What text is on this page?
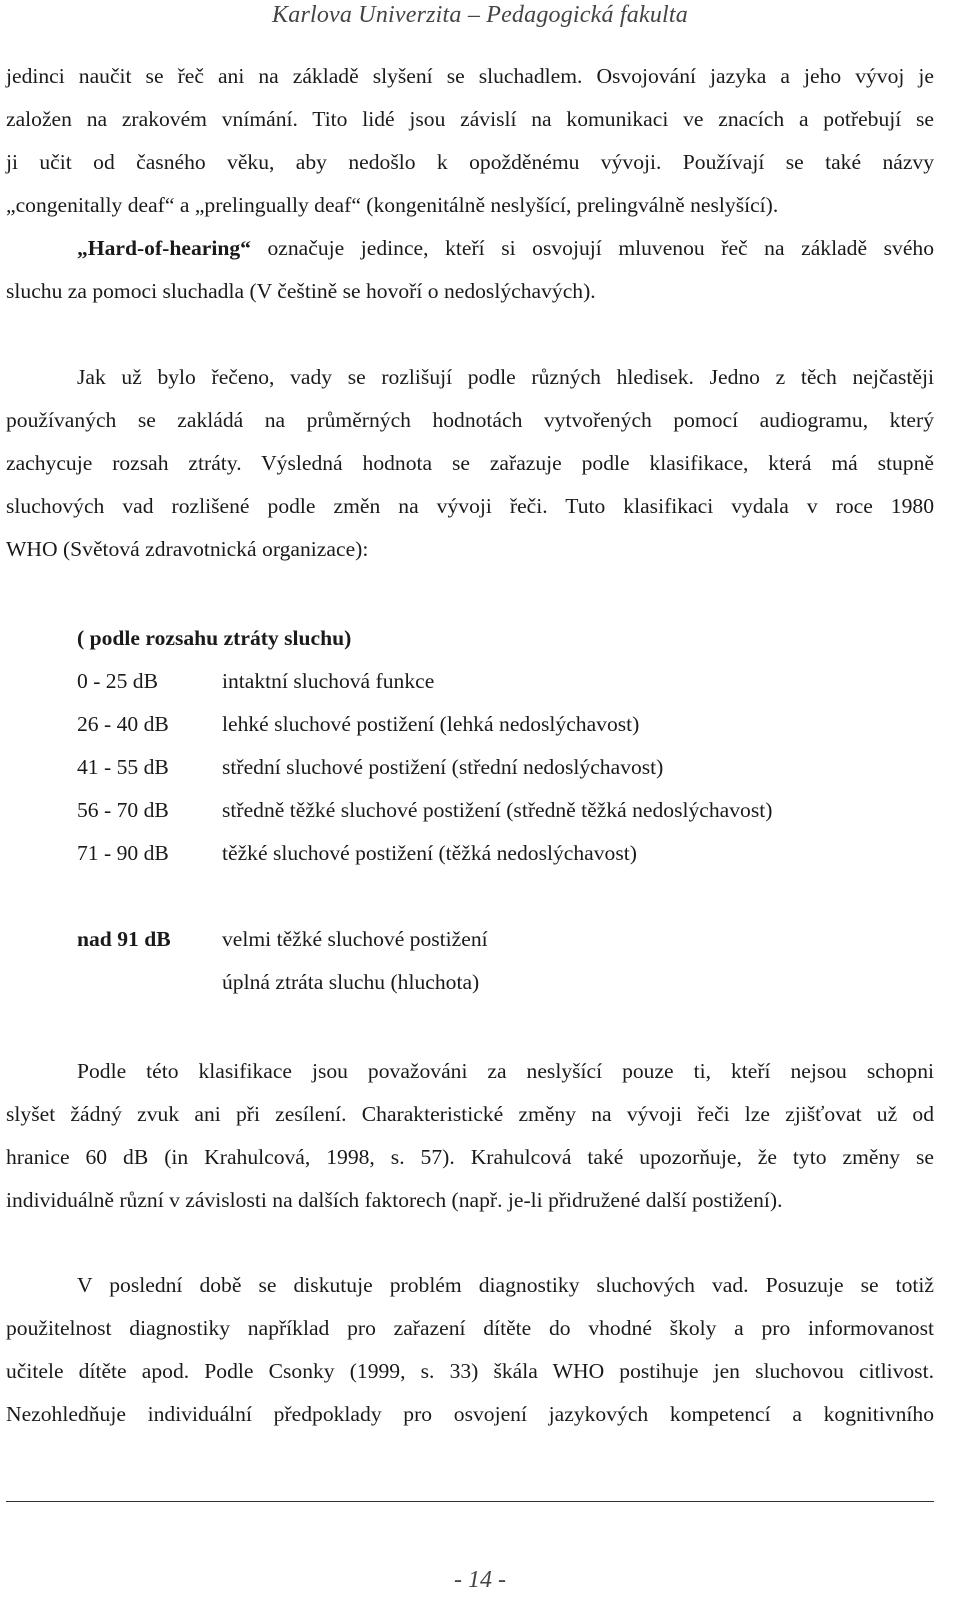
Karlova Univerzita – Pedagogická fakulta
jedinci naučit se řeč ani na základě slyšení se sluchadlem. Osvojování jazyka a jeho vývoj je
založen na zrakovém vnímání. Tito lidé jsou závislí na komunikaci ve znacích a potřebují se
ji učit od časného věku, aby nedošlo k opožděnému vývoji. Používají se také názvy
„congenitally deaf“ a „prelingually deaf“ (kongenitálně neslyšící, prelingválně neslyšící).
„Hard-of-hearing“ označuje jedince, kteří si osvojují mluvenou řeč na základě svého
sluchu za pomoci sluchadla (V češtině se hovoří o nedoslýchavých).
Jak už bylo řečeno, vady se rozlišují podle různých hledisek. Jedno z těch nejčastěji
používaných se zakládá na průměrných hodnotách vytvořených pomocí audiogramu, který
zachycuje rozsah ztráty. Výsledná hodnota se zařazuje podle klasifikace, která má stupně
sluchových vad rozlišené podle změn na vývoji řeči. Tuto klasifikaci vydala v roce 1980
WHO (Světová zdravotnická organizace):
( podle rozsahu ztráty sluchu)
0 - 25 dB	intaktní sluchová funkce
26 - 40 dB lehké sluchové postižení (lehká nedoslýchavost)
41 - 55 dB střední sluchové postižení (střední nedoslýchavost)
56 - 70 dB středně těžké sluchové postižení (středně těžká nedoslýchavost)
71 - 90 dB těžké sluchové postižení (těžká nedoslýchavost)
nad 91 dB velmi těžké sluchové postižení
úplná ztráta sluchu (hluchota)
Podle této klasifikace jsou považováni za neslyšící pouze ti, kteří nejsou schopni
slyšet žádný zvuk ani při zesílení. Charakteristické změny na vývoji řeči lze zjišťovat už od
hranice 60 dB (in Krahulcová, 1998, s. 57). Krahulcová také upozorňuje, že tyto změny se
individuálně různí v závislosti na dalších faktorech (např. je-li přidružené další postižení).
V poslední době se diskutuje problém diagnostiky sluchových vad. Posuzuje se totiž
použitelnost diagnostiky například pro zařazení dítěte do vhodné školy a pro informovanost
učitele dítěte apod. Podle Csonky (1999, s. 33) škála WHO postihuje jen sluchovou citlivost.
Nezohledňuje individuální předpoklady pro osvojení jazykových kompetencí a kognitivního
- 14 -
